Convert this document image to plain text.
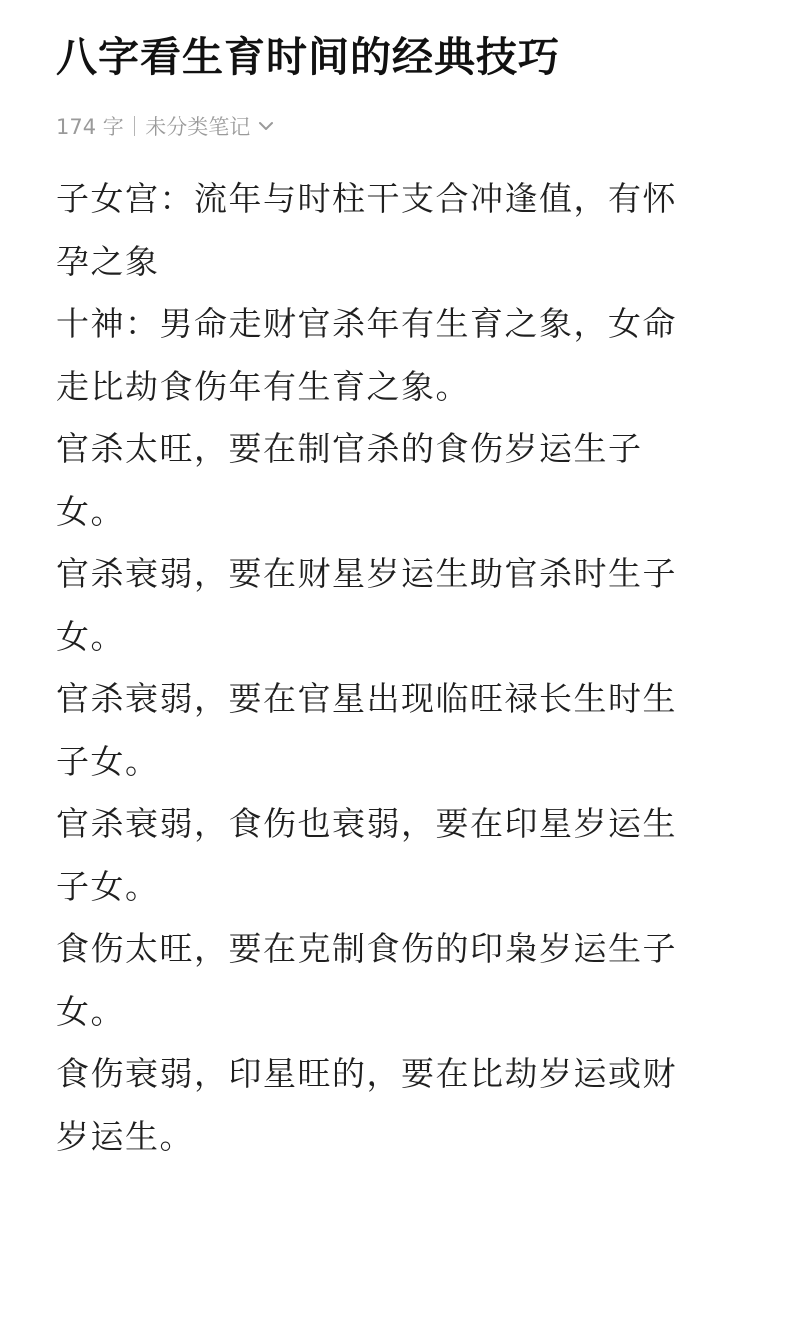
八字看生育时间的经典技巧
174 字 未分类笔记

子女宫：流年与时柱干支合冲逢值，有怀

孕之象

十神：男命走财官杀年有生育之象，女命

走比劫食伤年有生育之象。

官杀太旺，要在制官杀的食伤岁运生子

女。

官杀衰弱，要在财星岁运生助官杀时生子

女。

官杀衰弱，要在官星出现临旺禄长生时生

子女。

官杀衰弱，食伤也衰弱，要在印星岁运生

子女。

食伤太旺，要在克制食伤的印枭岁运生子

女。

食伤衰弱，印星旺的，要在比劫岁运或财

岁运生。
